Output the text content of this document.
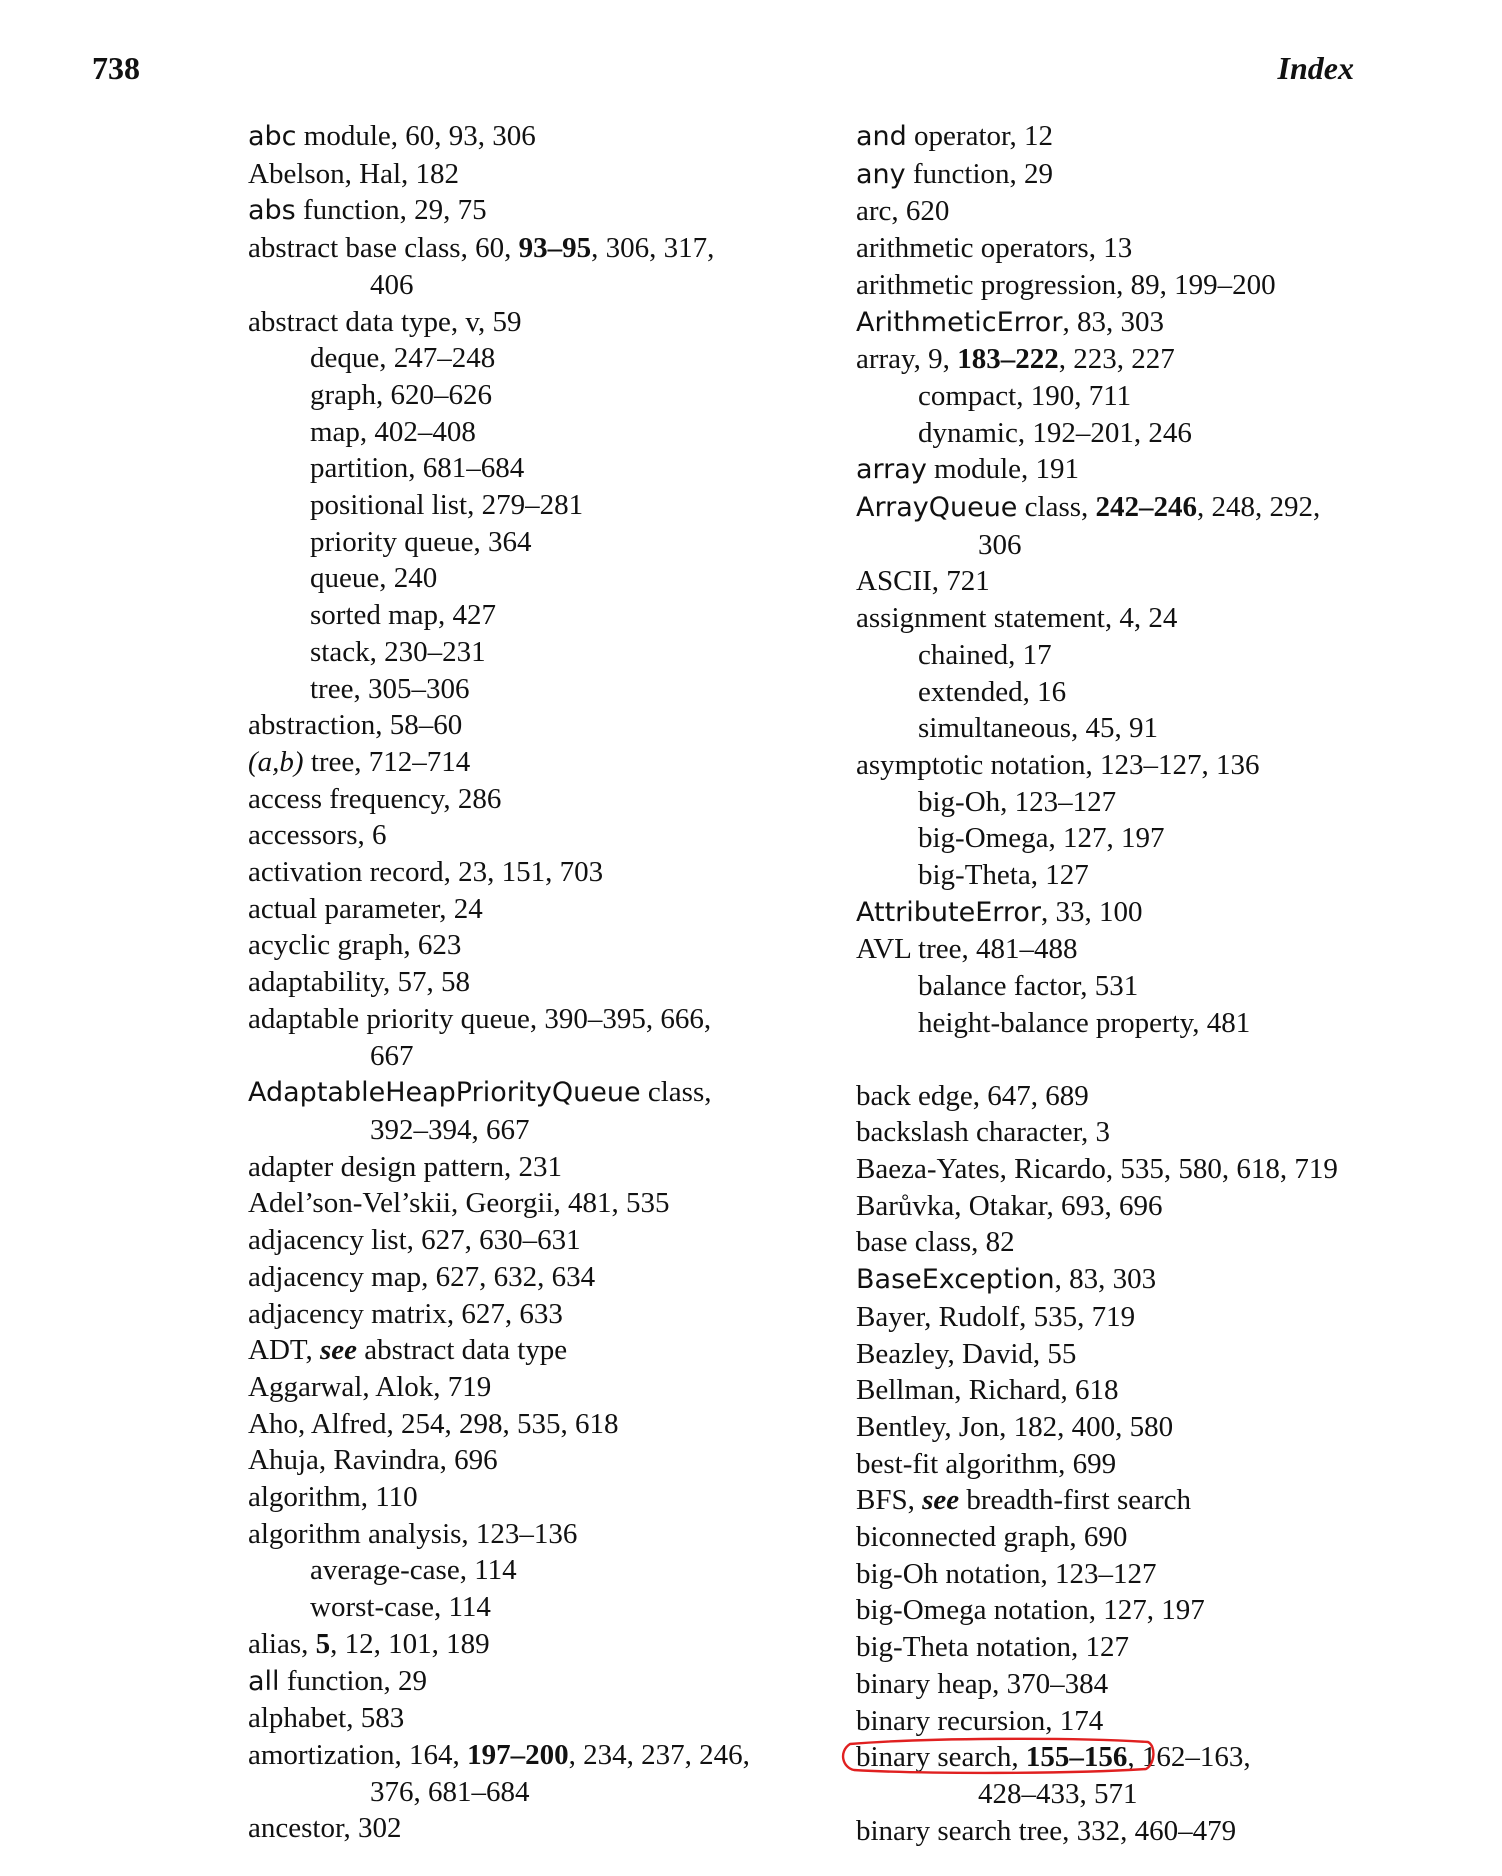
738	Index
abc module, 60, 93, 306
Abelson, Hal, 182
abs function, 29, 75
abstract base class, 60, 93–95, 306, 317,
406
abstract data type, v, 59
deque, 247–248
graph, 620–626
map, 402–408
partition, 681–684
positional list, 279–281
priority queue, 364
queue, 240
sorted map, 427
stack, 230–231
tree, 305–306
abstraction, 58–60
(a,b) tree, 712–714
access frequency, 286
accessors, 6
activation record, 23, 151, 703
actual parameter, 24
acyclic graph, 623
adaptability, 57, 58
adaptable priority queue, 390–395, 666,
667
AdaptableHeapPriorityQueue class,
392–394, 667
adapter design pattern, 231
Adel’son-Vel’skii, Georgii, 481, 535
adjacency list, 627, 630–631
adjacency map, 627, 632, 634
adjacency matrix, 627, 633
ADT, see abstract data type
Aggarwal, Alok, 719
Aho, Alfred, 254, 298, 535, 618
Ahuja, Ravindra, 696
algorithm, 110
algorithm analysis, 123–136
average-case, 114
worst-case, 114
alias, 5, 12, 101, 189
all function, 29
alphabet, 583
amortization, 164, 197–200, 234, 237, 246,
376, 681–684
ancestor, 302
and operator, 12
any function, 29
arc, 620
arithmetic operators, 13
arithmetic progression, 89, 199–200
ArithmeticError, 83, 303
array, 9, 183–222, 223, 227
compact, 190, 711
dynamic, 192–201, 246
array module, 191
ArrayQueue class, 242–246, 248, 292,
306
ASCII, 721
assignment statement, 4, 24
chained, 17
extended, 16
simultaneous, 45, 91
asymptotic notation, 123–127, 136
big-Oh, 123–127
big-Omega, 127, 197
big-Theta, 127
AttributeError, 33, 100
AVL tree, 481–488
balance factor, 531
height-balance property, 481
back edge, 647, 689
backslash character, 3
Baeza-Yates, Ricardo, 535, 580, 618, 719
Barůvka, Otakar, 693, 696
base class, 82
BaseException, 83, 303
Bayer, Rudolf, 535, 719
Beazley, David, 55
Bellman, Richard, 618
Bentley, Jon, 182, 400, 580
best-fit algorithm, 699
BFS, see breadth-first search
biconnected graph, 690
big-Oh notation, 123–127
big-Omega notation, 127, 197
big-Theta notation, 127
binary heap, 370–384
binary recursion, 174
binary search, 155–156, 162–163,
428–433, 571
binary search tree, 332, 460–479
